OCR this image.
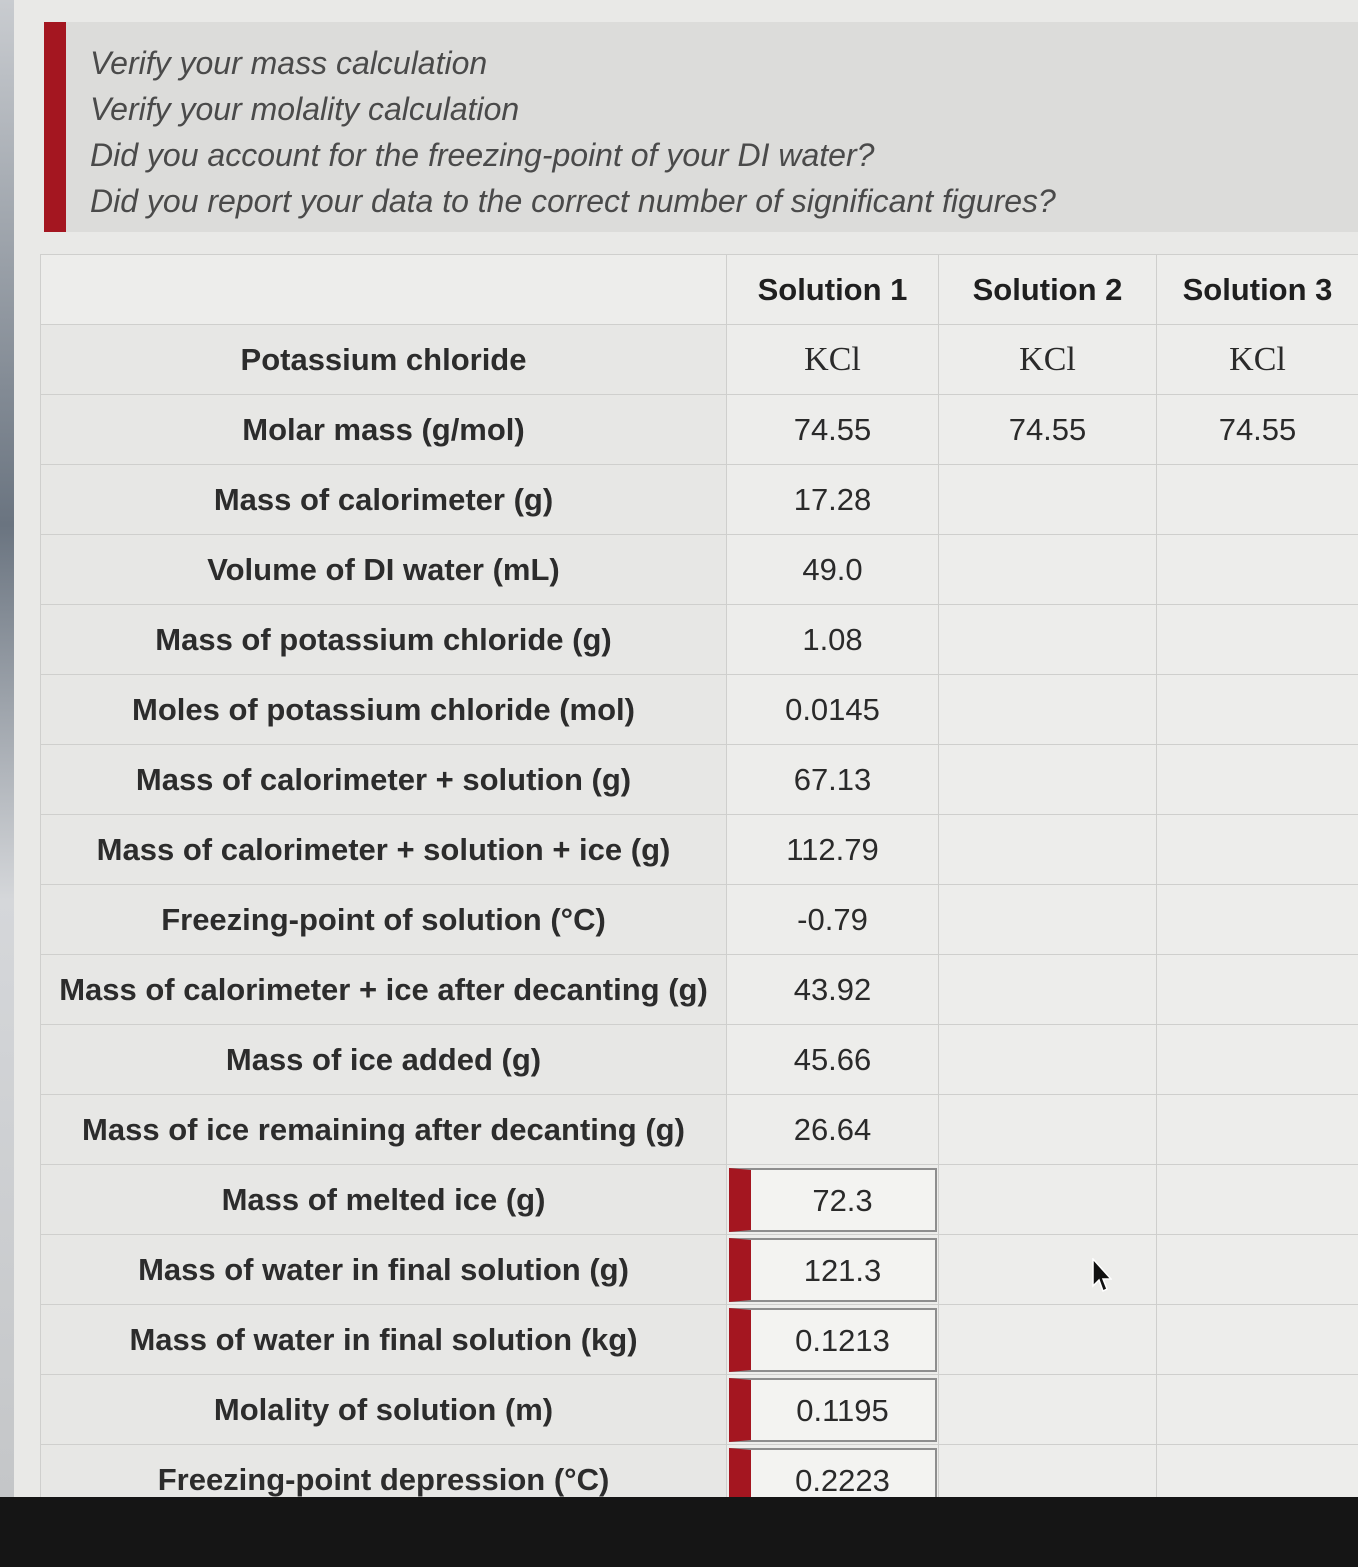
Verify your mass calculation
Verify your molality calculation
Did you account for the freezing-point of your DI water?
Did you report your data to the correct number of significant figures?
	Solution 1	Solution 2	Solution 3
Potassium chloride	KCl	KCl	KCl
Molar mass (g/mol)	74.55	74.55	74.55
Mass of calorimeter (g)	17.28		
Volume of DI water (mL)	49.0		
Mass of potassium chloride (g)	1.08		
Moles of potassium chloride (mol)	0.0145		
Mass of calorimeter + solution (g)	67.13		
Mass of calorimeter + solution + ice (g)	112.79		
Freezing-point of solution (°C)	-0.79		
Mass of calorimeter + ice after decanting (g)	43.92		
Mass of ice added (g)	45.66		
Mass of ice remaining after decanting (g)	26.64		
Mass of melted ice (g)	72.3		
Mass of water in final solution (g)	121.3		
Mass of water in final solution (kg)	0.1213		
Molality of solution (m)	0.1195		
Freezing-point depression (°C)	0.2223		
